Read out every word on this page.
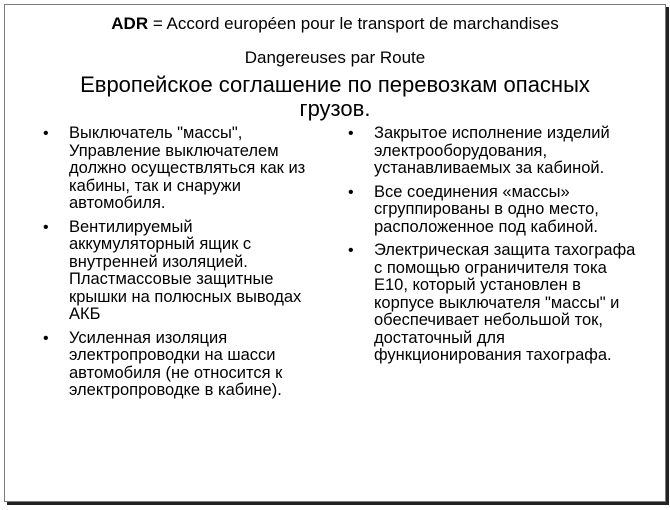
ADR = Accord européen pour le transport de marchandises
Dangereuses par Route
Европейское соглашение по перевозкам опасных грузов.
• Выключатель "массы", Управление выключателем должно осуществляться как из кабины, так и снаружи автомобиля.
• Вентилируемый аккумуляторный ящик с внутренней изоляцией. Пластмассовые защитные крышки на полюсных выводах АКБ
• Усиленная изоляция электропроводки на шасси автомобиля (не относится к электропроводке в кабине).
• Закрытое исполнение изделий электрооборудования, устанавливаемых за кабиной.
• Все соединения «массы» сгруппированы в одно место, расположенное под кабиной.
• Электрическая защита тахографа с помощью ограничителя тока E10, который установлен в корпусе выключателя "массы" и обеспечивает небольшой ток, достаточный для функционирования тахографа.
